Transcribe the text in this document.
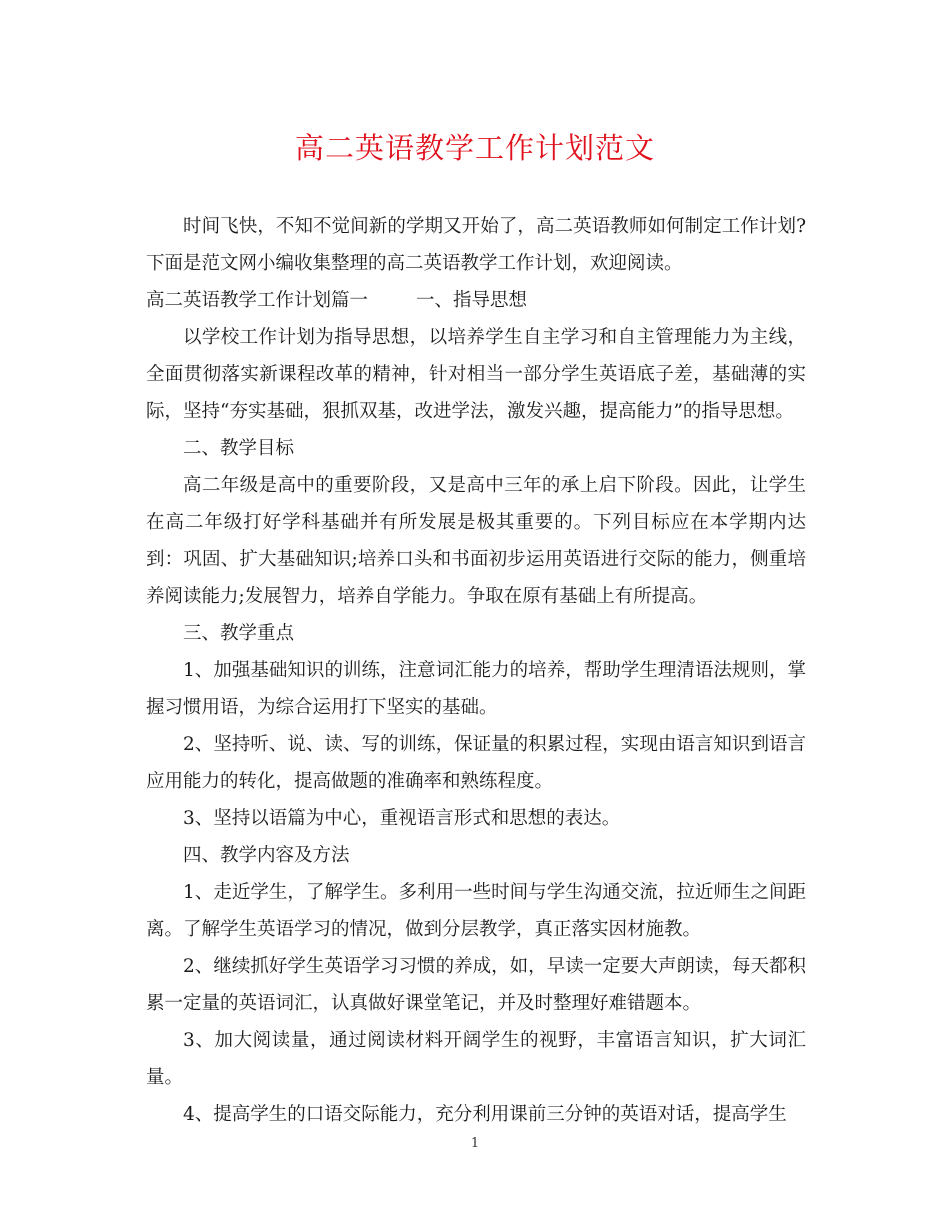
高二英语教学工作计划范文

时间飞快，不知不觉间新的学期又开始了，高二英语教师如何制定工作计划?下面是范文网小编收集整理的高二英语教学工作计划，欢迎阅读。

高二英语教学工作计划篇一	一、指导思想

以学校工作计划为指导思想，以培养学生自主学习和自主管理能力为主线，全面贯彻落实新课程改革的精神，针对相当一部分学生英语底子差，基础薄的实际，坚持“夯实基础，狠抓双基，改进学法，激发兴趣，提高能力”的指导思想。

二、教学目标

高二年级是高中的重要阶段，又是高中三年的承上启下阶段。因此，让学生在高二年级打好学科基础并有所发展是极其重要的。下列目标应在本学期内达到：巩固、扩大基础知识;培养口头和书面初步运用英语进行交际的能力，侧重培养阅读能力;发展智力，培养自学能力。争取在原有基础上有所提高。

三、教学重点

1、加强基础知识的训练，注意词汇能力的培养，帮助学生理清语法规则，掌握习惯用语，为综合运用打下坚实的基础。

2、坚持听、说、读、写的训练，保证量的积累过程，实现由语言知识到语言应用能力的转化，提高做题的准确率和熟练程度。

3、坚持以语篇为中心，重视语言形式和思想的表达。

四、教学内容及方法

1、走近学生，了解学生。多利用一些时间与学生沟通交流，拉近师生之间距离。了解学生英语学习的情况，做到分层教学，真正落实因材施教。

2、继续抓好学生英语学习习惯的养成，如，早读一定要大声朗读，每天都积累一定量的英语词汇，认真做好课堂笔记，并及时整理好难错题本。

3、加大阅读量，通过阅读材料开阔学生的视野，丰富语言知识，扩大词汇量。

4、提高学生的口语交际能力，充分利用课前三分钟的英语对话，提高学生

1
